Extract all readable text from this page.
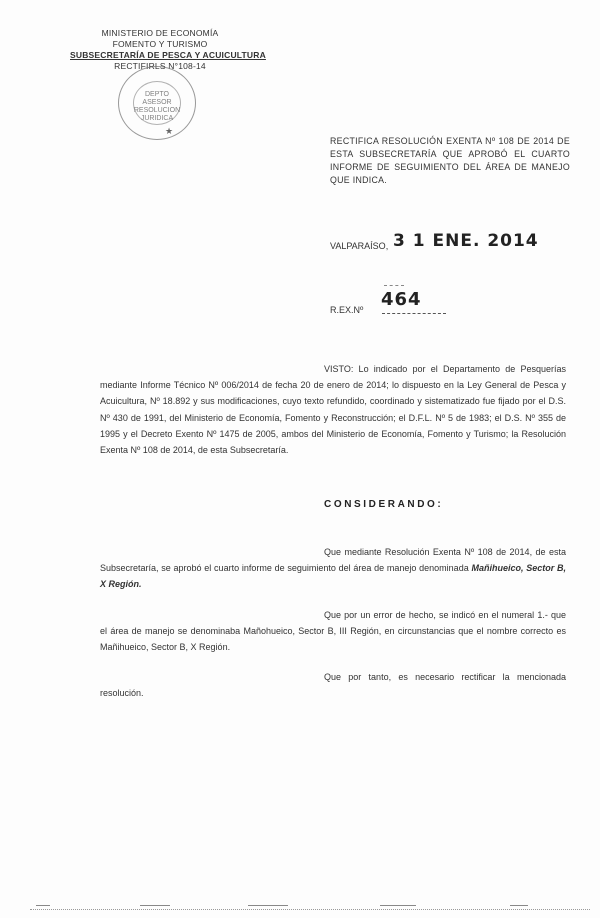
MINISTERIO DE ECONOMÍA
FOMENTO Y TURISMO
SUBSECRETARÍA DE PESCA Y ACUICULTURA
RECTIFIRLS N°108-14
DEPTO
ASESOR
RESOLUCION
JURIDICA
★
RECTIFICA RESOLUCIÓN EXENTA Nº 108 DE 2014 DE ESTA SUBSECRETARÍA QUE APROBÓ EL CUARTO INFORME DE SEGUIMIENTO DEL ÁREA DE MANEJO QUE INDICA.
VALPARAÍSO, 3 1 ENE. 2014
R.EX.Nº 464
VISTO: Lo indicado por el Departamento de Pesquerías mediante Informe Técnico Nº 006/2014 de fecha 20 de enero de 2014; lo dispuesto en la Ley General de Pesca y Acuicultura, Nº 18.892 y sus modificaciones, cuyo texto refundido, coordinado y sistematizado fue fijado por el D.S. Nº 430 de 1991, del Ministerio de Economía, Fomento y Reconstrucción; el D.F.L. Nº 5 de 1983; el D.S. Nº 355 de 1995 y el Decreto Exento Nº 1475 de 2005, ambos del Ministerio de Economía, Fomento y Turismo; la Resolución Exenta Nº 108 de 2014, de esta Subsecretaría.
CONSIDERANDO:
Que mediante Resolución Exenta Nº 108 de 2014, de esta Subsecretaría, se aprobó el cuarto informe de seguimiento del área de manejo denominada Mañihueico, Sector B, X Región.
Que por un error de hecho, se indicó en el numeral 1.- que el área de manejo se denominaba Mañohueico, Sector B, III Región, en circunstancias que el nombre correcto es Mañihueico, Sector B, X Región.
Que por tanto, es necesario rectificar la mencionada resolución.
